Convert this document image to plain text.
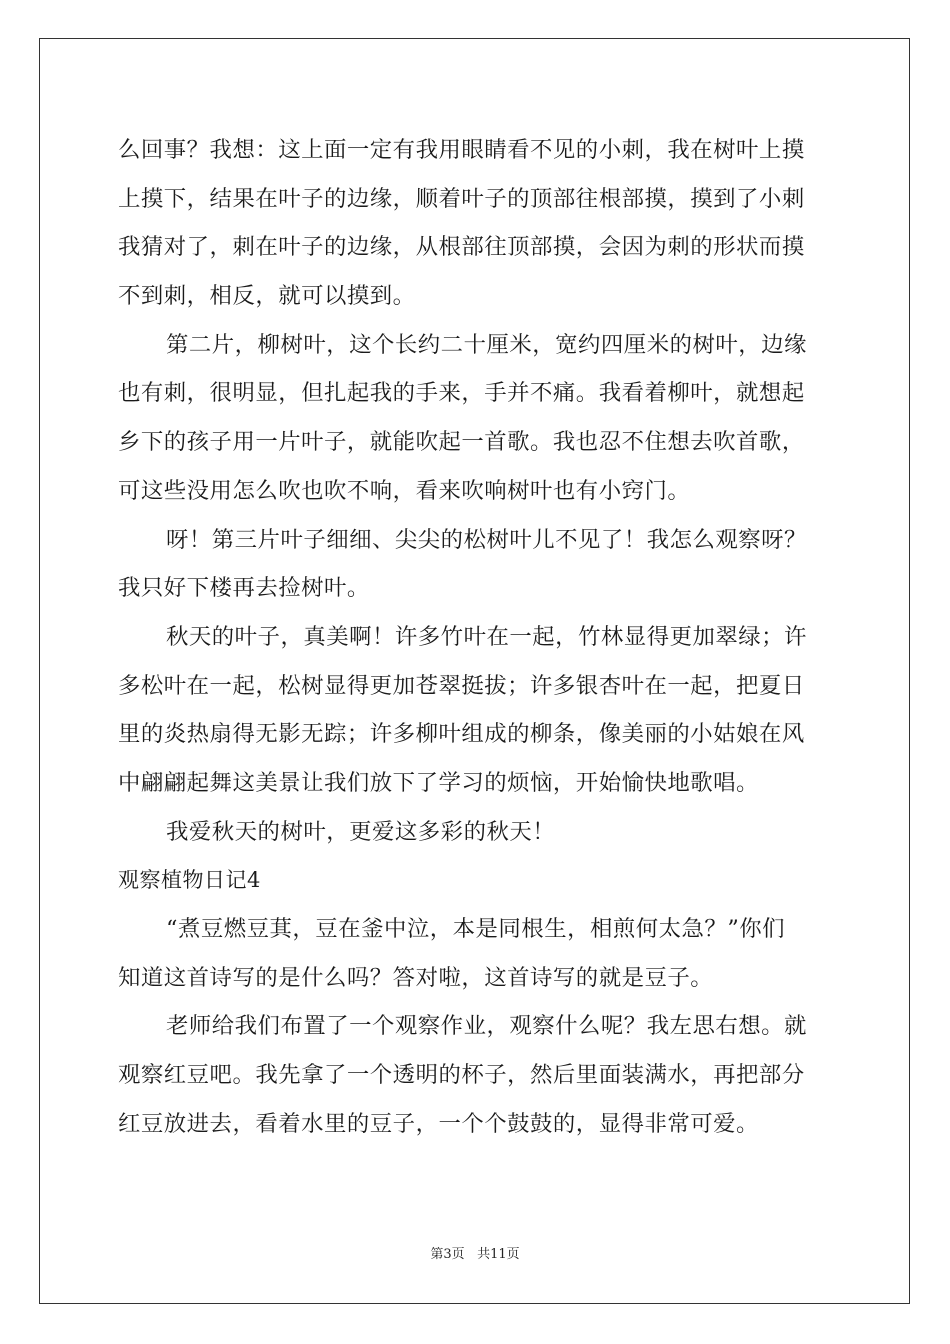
么回事？我想：这上面一定有我用眼睛看不见的小刺，我在树叶上摸
上摸下，结果在叶子的边缘，顺着叶子的顶部往根部摸，摸到了小刺
我猜对了，刺在叶子的边缘，从根部往顶部摸，会因为刺的形状而摸
不到刺，相反，就可以摸到。
第二片，柳树叶，这个长约二十厘米，宽约四厘米的树叶，边缘
也有刺，很明显，但扎起我的手来，手并不痛。我看着柳叶，就想起
乡下的孩子用一片叶子，就能吹起一首歌。我也忍不住想去吹首歌，
可这些没用怎么吹也吹不响，看来吹响树叶也有小窍门。
呀！第三片叶子细细、尖尖的松树叶儿不见了！我怎么观察呀？
我只好下楼再去捡树叶。
秋天的叶子，真美啊！许多竹叶在一起，竹林显得更加翠绿；许
多松叶在一起，松树显得更加苍翠挺拔；许多银杏叶在一起，把夏日
里的炎热扇得无影无踪；许多柳叶组成的柳条，像美丽的小姑娘在风
中翩翩起舞这美景让我们放下了学习的烦恼，开始愉快地歌唱。
我爱秋天的树叶，更爱这多彩的秋天！
观察植物日记4
“煮豆燃豆萁，豆在釜中泣，本是同根生，相煎何太急？”你们
知道这首诗写的是什么吗？答对啦，这首诗写的就是豆子。
老师给我们布置了一个观察作业，观察什么呢？我左思右想。就
观察红豆吧。我先拿了一个透明的杯子，然后里面装满水，再把部分
红豆放进去，看着水里的豆子，一个个鼓鼓的，显得非常可爱。
第3页 共11页
